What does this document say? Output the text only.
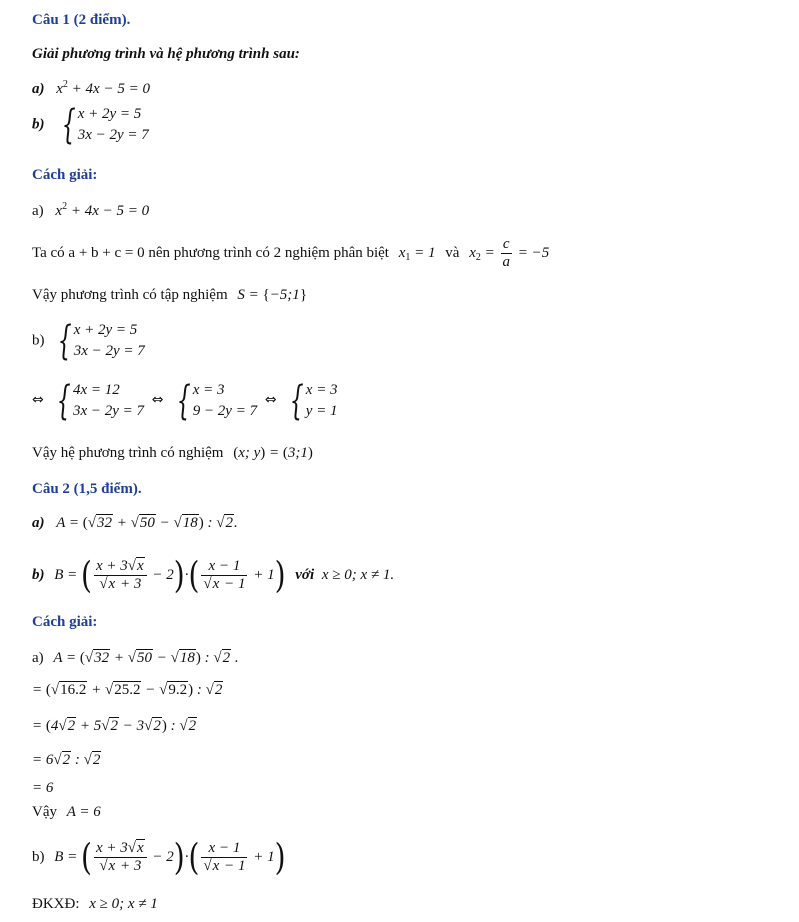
Câu 1 (2 điểm).
Giải phương trình và hệ phương trình sau:
a) $x^2 + 4x - 5 = 0$
b) { x + 2y = 5
3x − 2y = 7
Cách giải:
a) $x^2 + 4x - 5 = 0$
Ta có a + b + c = 0 nên phương trình có 2 nghiệm phân biệt $x_1 = 1$ và $x_2 = \frac{c}{a} = -5$
Vậy phương trình có tập nghiệm S = {−5;1}
b) { x + 2y = 5
3x − 2y = 7
⇔ { 4x = 12
3x − 2y = 7
⇔ { x = 3
9 − 2y = 7
⇔ { x = 3
y = 1
Vậy hệ phương trình có nghiệm (x; y) = (3;1)
Câu 2 (1,5 điểm).
a) A = (√32 + √50 − √18) : √2.
b) B = ( $\frac{x + 3√x}{√x + 3} - 2)\cdot( \frac{x - 1}{√x - 1} + 1)$ với x ≥ 0; x ≠ 1.
Cách giải:
a) A = (√32 + √50 − √18) : √2 .
= (√16.2 + √25.2 − √9.2) : √2
= (4√2 + 5√2 − 3√2) : √2
= 6√2 : √2
= 6
Vậy A = 6
b) B = ( $\frac{x + 3√x}{√x + 3} - 2)\cdot( \frac{x - 1}{√x - 1} + 1)$
ĐKXĐ: x ≥ 0; x ≠ 1
